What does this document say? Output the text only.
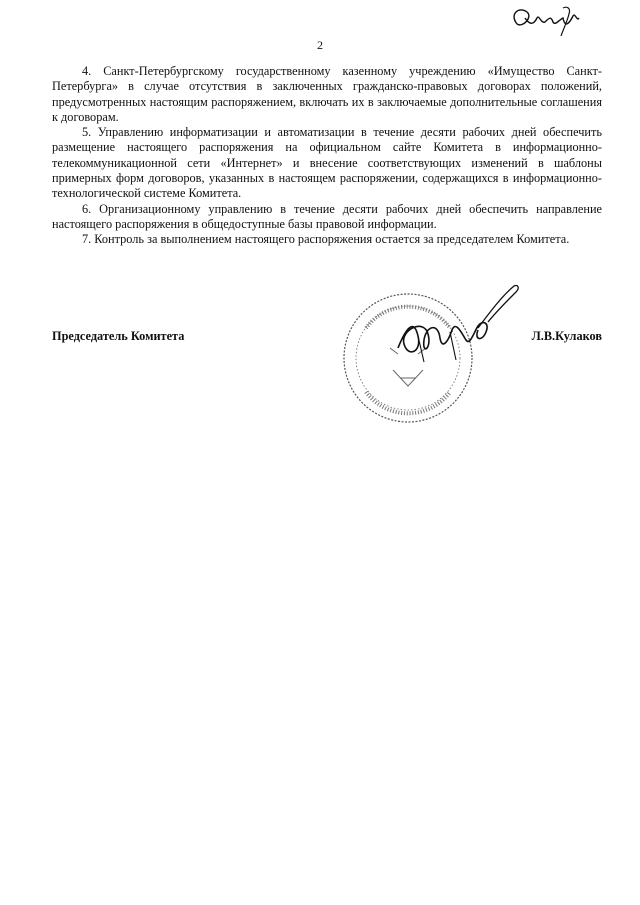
2

4. Санкт-Петербургскому государственному казенному учреждению «Имущество Санкт-Петербурга» в случае отсутствия в заключенных гражданско-правовых договорах положений, предусмотренных настоящим распоряжением, включать их в заключаемые дополнительные соглашения к договорам.

5. Управлению информатизации и автоматизации в течение десяти рабочих дней обеспечить размещение настоящего распоряжения на официальном сайте Комитета в информационно-телекоммуникационной сети «Интернет» и внесение соответствующих изменений в шаблоны примерных форм договоров, указанных в настоящем распоряжении, содержащихся в информационно-технологической системе Комитета.

6. Организационному управлению в течение десяти рабочих дней обеспечить направление настоящего распоряжения в общедоступные базы правовой информации.

7. Контроль за выполнением настоящего распоряжения остается за председателем Комитета.

Председатель Комитета	Л.В.Кулаков
